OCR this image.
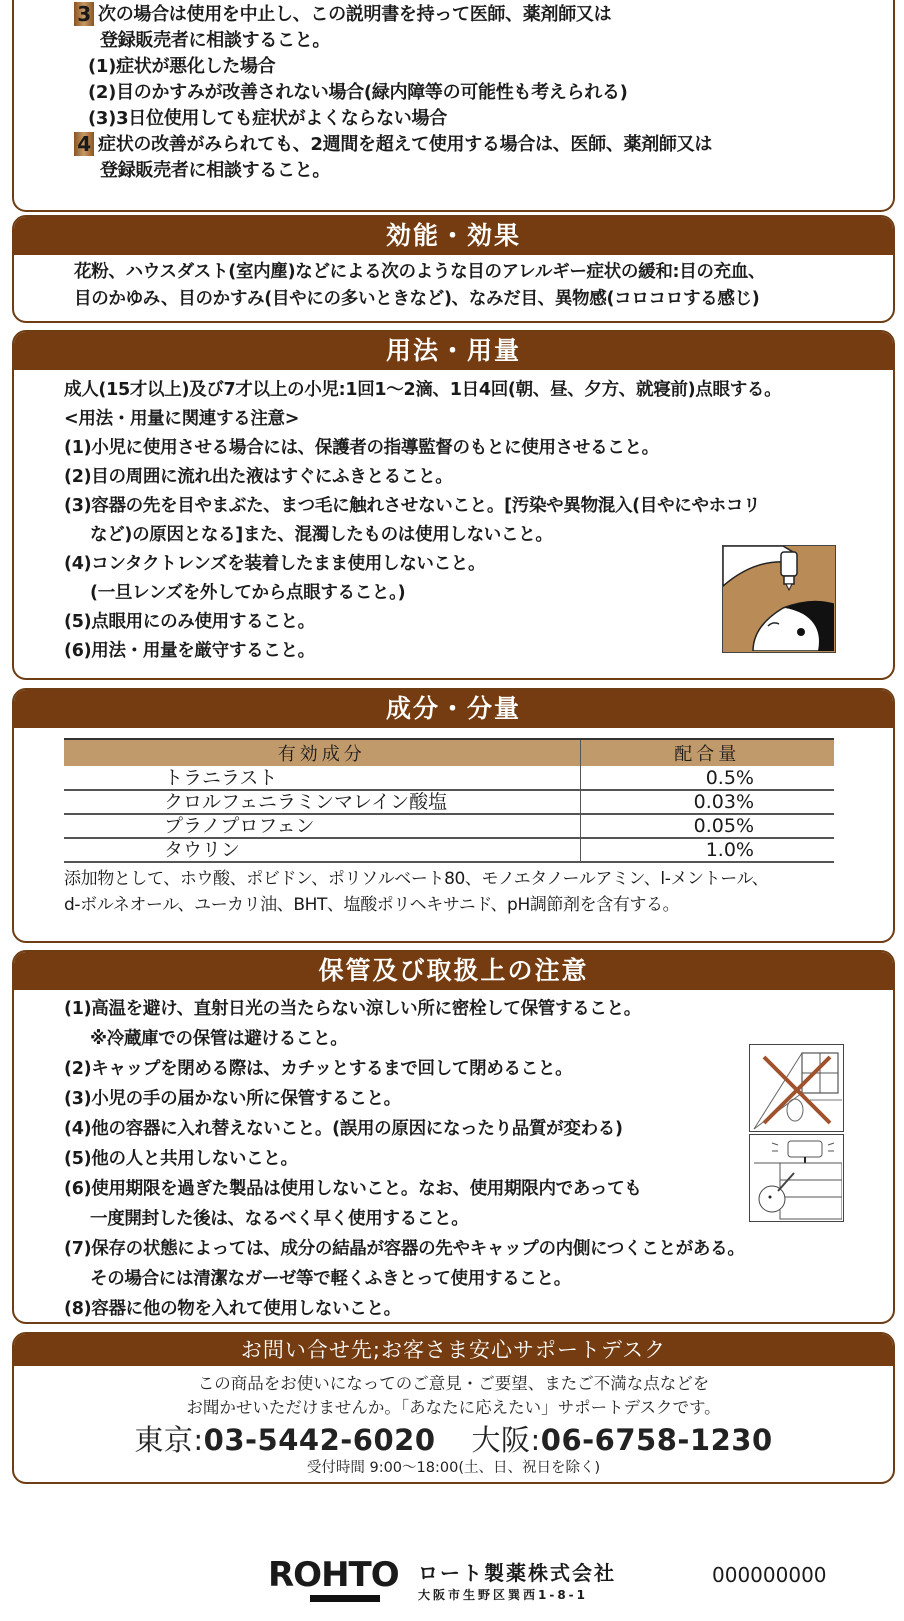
3 次の場合は使用を中止し、この説明書を持って医師、薬剤師又は
登録販売者に相談すること。
(1)症状が悪化した場合
(2)目のかすみが改善されない場合(緑内障等の可能性も考えられる)
(3)3日位使用しても症状がよくならない場合
4 症状の改善がみられても、2週間を超えて使用する場合は、医師、薬剤師又は
登録販売者に相談すること。
効能・効果
花粉、ハウスダスト(室内塵)などによる次のような目のアレルギー症状の緩和:目の充血、
目のかゆみ、目のかすみ(目やにの多いときなど)、なみだ目、異物感(コロコロする感じ)
用法・用量
成人(15才以上)及び7才以上の小児:1回1〜2滴、1日4回(朝、昼、夕方、就寝前)点眼する。
<用法・用量に関連する注意>
(1)小児に使用させる場合には、保護者の指導監督のもとに使用させること。
(2)目の周囲に流れ出た液はすぐにふきとること。
(3)容器の先を目やまぶた、まつ毛に触れさせないこと。[汚染や異物混入(目やにやホコリ
など)の原因となる]また、混濁したものは使用しないこと。
(4)コンタクトレンズを装着したまま使用しないこと。
(一旦レンズを外してから点眼すること。)
(5)点眼用にのみ使用すること。
(6)用法・用量を厳守すること。
成分・分量
有効成分	配合量
トラニラスト	0.5%
クロルフェニラミンマレイン酸塩	0.03%
プラノプロフェン	0.05%
タウリン	1.0%
添加物として、ホウ酸、ポビドン、ポリソルベート80、モノエタノールアミン、l-メントール、
d-ボルネオール、ユーカリ油、BHT、塩酸ポリヘキサニド、pH調節剤を含有する。
保管及び取扱上の注意
(1)高温を避け、直射日光の当たらない涼しい所に密栓して保管すること。
※冷蔵庫での保管は避けること。
(2)キャップを閉める際は、カチッとするまで回して閉めること。
(3)小児の手の届かない所に保管すること。
(4)他の容器に入れ替えないこと。(誤用の原因になったり品質が変わる)
(5)他の人と共用しないこと。
(6)使用期限を過ぎた製品は使用しないこと。なお、使用期限内であっても
一度開封した後は、なるべく早く使用すること。
(7)保存の状態によっては、成分の結晶が容器の先やキャップの内側につくことがある。
その場合には清潔なガーゼ等で軽くふきとって使用すること。
(8)容器に他の物を入れて使用しないこと。
お問い合せ先;お客さま安心サポートデスク
この商品をお使いになってのご意見・ご要望、またご不満な点などを
お聞かせいただけませんか。「あなたに応えたい」サポートデスクです。
東京:03-5442-6020 大阪:06-6758-1230
受付時間 9:00〜18:00(土、日、祝日を除く)
ROHTO ロート製薬株式会社
大阪市生野区巽西1-8-1
000000000
